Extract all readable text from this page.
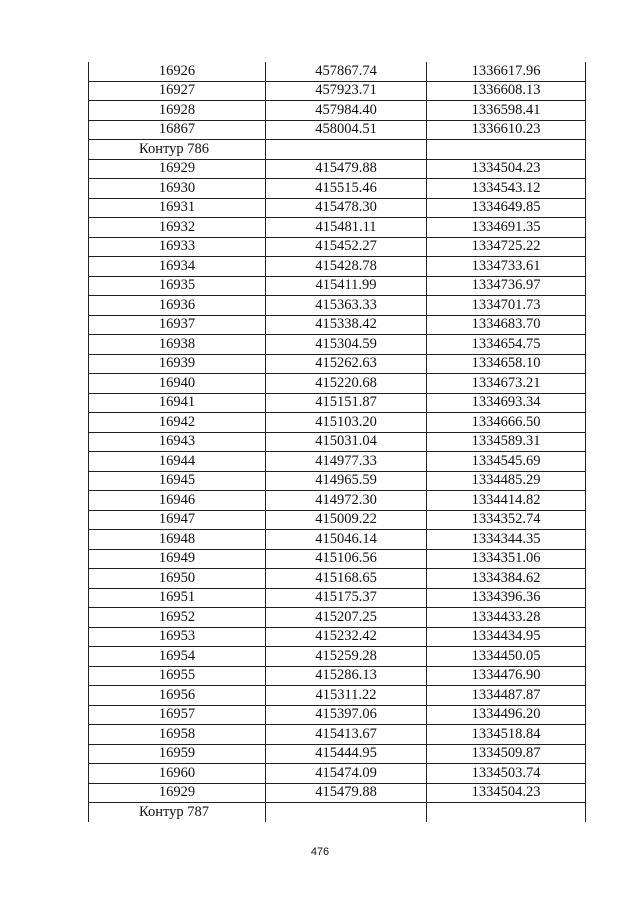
16926	457867.74	1336617.96
16927	457923.71	1336608.13
16928	457984.40	1336598.41
16867	458004.51	1336610.23
Контур 786		
16929	415479.88	1334504.23
16930	415515.46	1334543.12
16931	415478.30	1334649.85
16932	415481.11	1334691.35
16933	415452.27	1334725.22
16934	415428.78	1334733.61
16935	415411.99	1334736.97
16936	415363.33	1334701.73
16937	415338.42	1334683.70
16938	415304.59	1334654.75
16939	415262.63	1334658.10
16940	415220.68	1334673.21
16941	415151.87	1334693.34
16942	415103.20	1334666.50
16943	415031.04	1334589.31
16944	414977.33	1334545.69
16945	414965.59	1334485.29
16946	414972.30	1334414.82
16947	415009.22	1334352.74
16948	415046.14	1334344.35
16949	415106.56	1334351.06
16950	415168.65	1334384.62
16951	415175.37	1334396.36
16952	415207.25	1334433.28
16953	415232.42	1334434.95
16954	415259.28	1334450.05
16955	415286.13	1334476.90
16956	415311.22	1334487.87
16957	415397.06	1334496.20
16958	415413.67	1334518.84
16959	415444.95	1334509.87
16960	415474.09	1334503.74
16929	415479.88	1334504.23
Контур 787		
476
